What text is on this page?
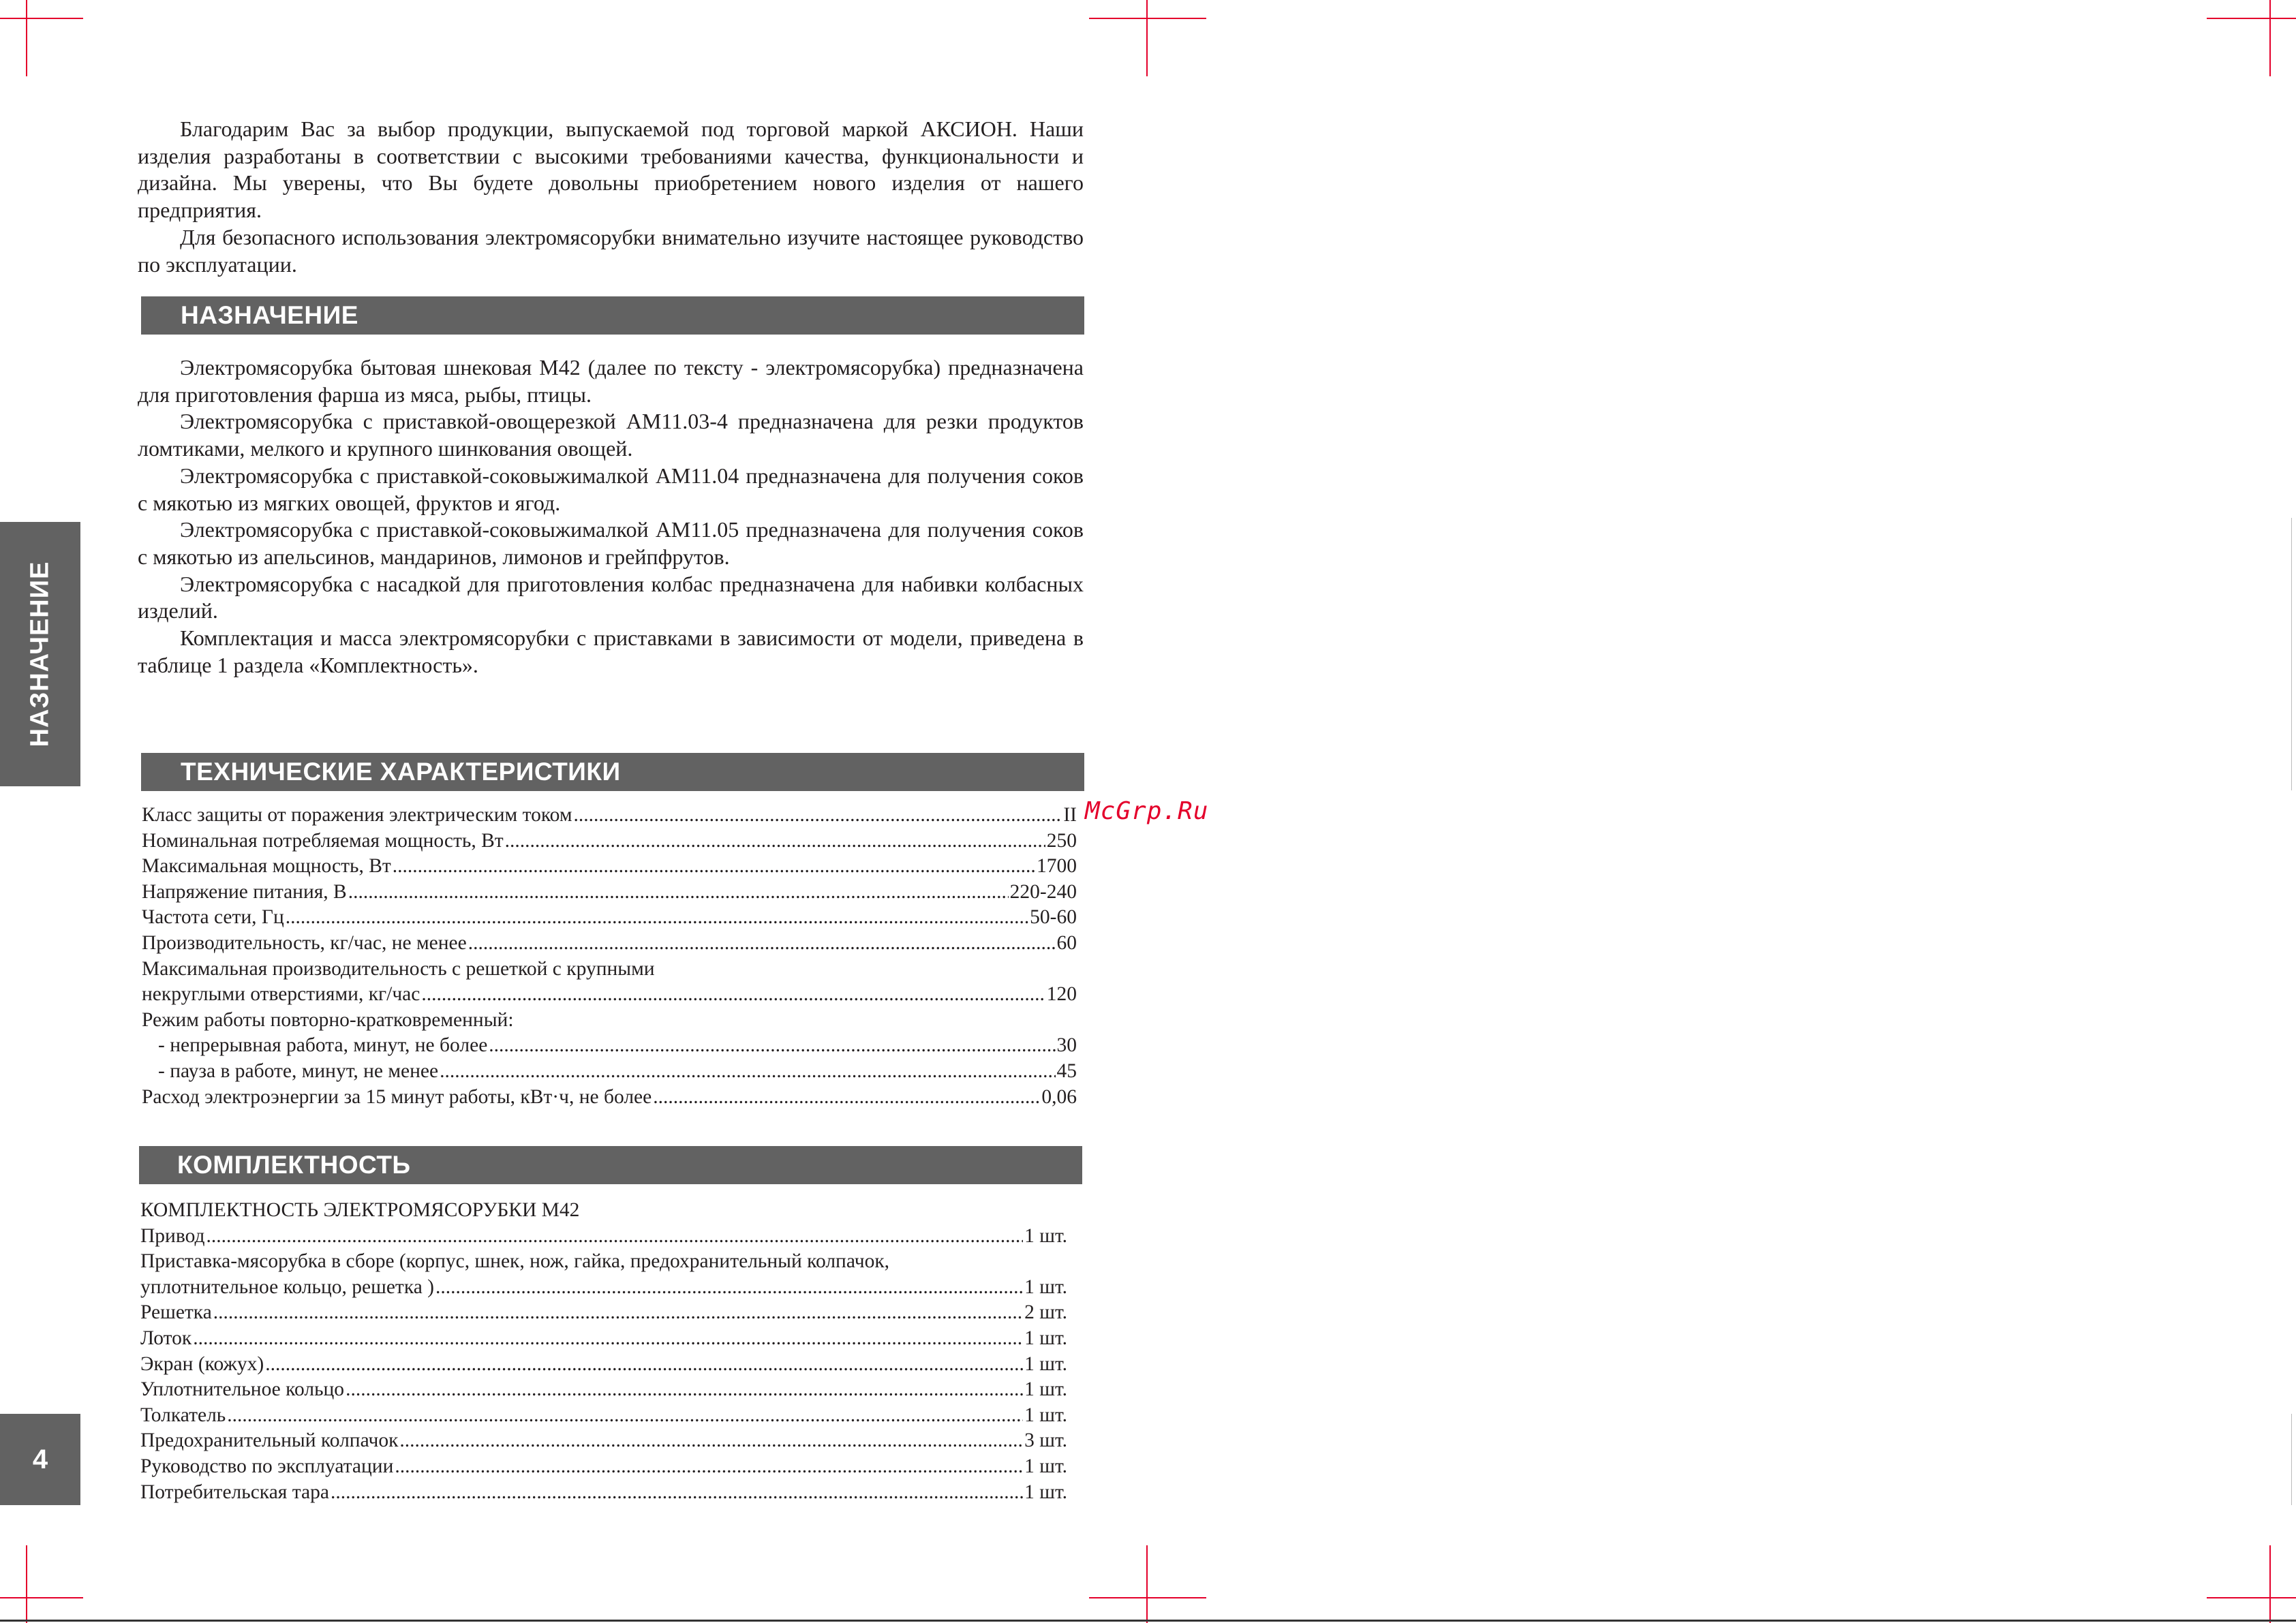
Благодарим Вас за выбор продукции, выпускаемой под торговой маркой АКСИОН. Наши изделия разработаны в соответствии с высокими требованиями качества, функциональности и дизайна. Мы уверены, что Вы будете довольны приобретением нового изделия от нашего предприятия.

Для безопасного использования электромясорубки внимательно изучите настоящее руководство по эксплуатации.

НАЗНАЧЕНИЕ

Электромясорубка бытовая шнековая М42 (далее по тексту - электромясорубка) предназначена для приготовления фарша из мяса, рыбы, птицы.

Электромясорубка с приставкой-овощерезкой АМ11.03-4 предназначена для резки продуктов ломтиками, мелкого и крупного шинкования овощей.

Электромясорубка с приставкой-соковыжималкой АМ11.04 предназначена для получения соков с мякотью из мягких овощей, фруктов и ягод.

Электромясорубка с приставкой-соковыжималкой АМ11.05 предназначена для получения соков с мякотью из апельсинов, мандаринов, лимонов и грейпфрутов.

Электромясорубка с насадкой для приготовления колбас предназначена для набивки колбасных изделий.

Комплектация и масса электромясорубки с приставками в зависимости от модели, приведена в таблице 1 раздела «Комплектность».

ТЕХНИЧЕСКИЕ ХАРАКТЕРИСТИКИ
Класс защиты от поражения электрическим током .....	II
Номинальная потребляемая мощность, Вт .....	250
Максимальная мощность, Вт .....	1700
Напряжение питания, В .....	220-240
Частота сети, Гц .....	50-60
Производительность, кг/час, не менее .....	60
Максимальная производительность с решеткой с крупными
некруглыми отверстиями, кг/час .....	120
Режим работы повторно-кратковременный:
- непрерывная работа, минут, не более .....	30
- пауза в работе, минут, не менее .....	45
Расход электроэнергии за 15 минут работы, кВт·ч, не более .....	0,06
КОМПЛЕКТНОСТЬ
КОМПЛЕКТНОСТЬ ЭЛЕКТРОМЯСОРУБКИ М42
Привод .....	1 шт.
Приставка-мясорубка в сборе (корпус, шнек, нож, гайка, предохранительный колпачок,
уплотнительное кольцо, решетка ) .....	1 шт.
Решетка .....	2 шт.
Лоток .....	1 шт.
Экран (кожух) .....	1 шт.
Уплотнительное кольцо .....	1 шт.
Толкатель .....	1 шт.
Предохранительный колпачок .....	3 шт.
Руководство по эксплуатации .....	1 шт.
Потребительская тара .....	1 шт.
НАЗНАЧЕНИЕ
4
McGrp.Ru
